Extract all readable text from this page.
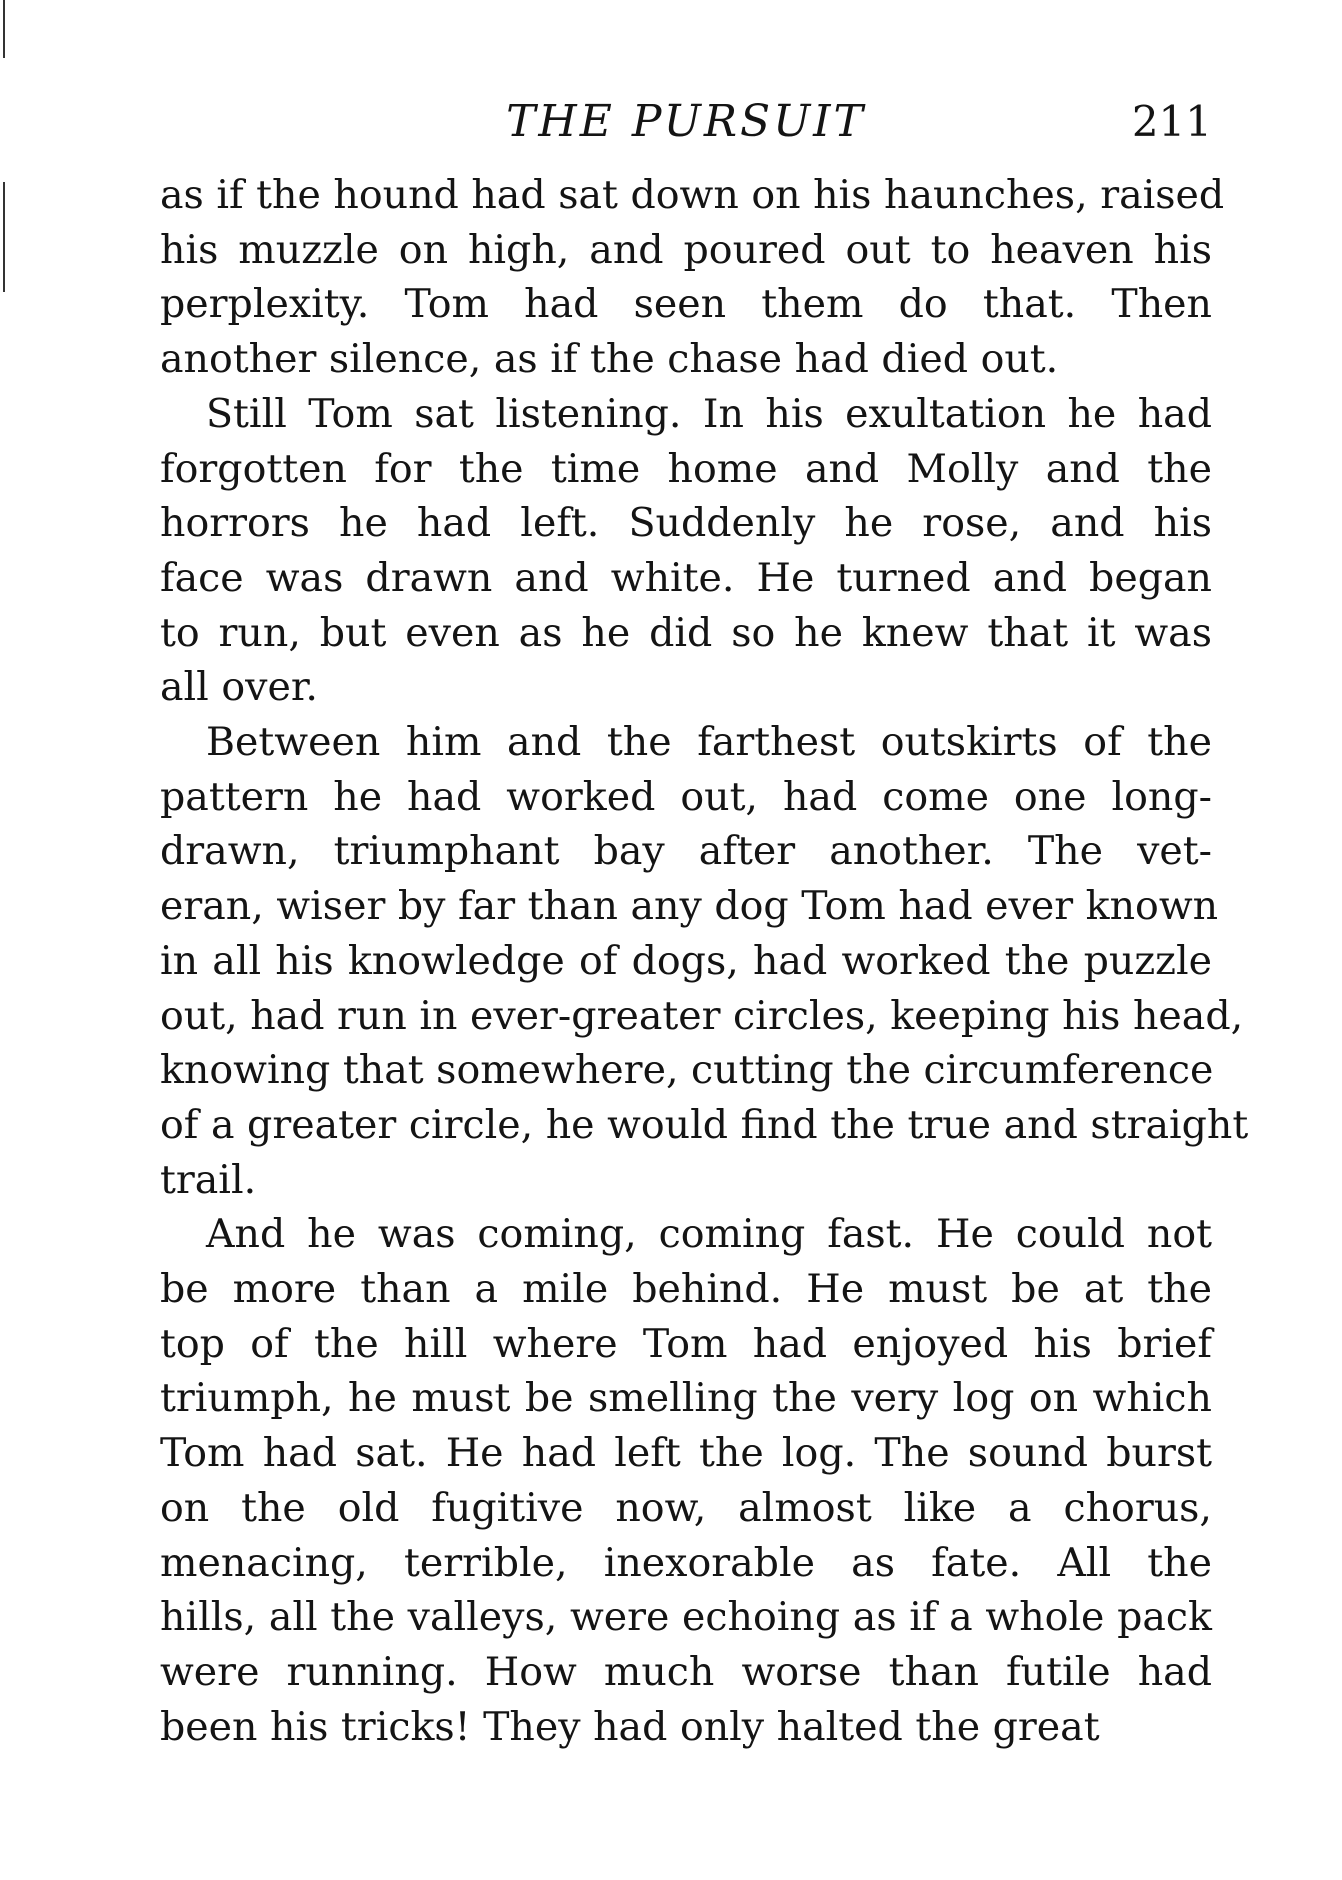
THE PURSUIT	211

as if the hound had sat down on his haunches, raised
his muzzle on high, and poured out to heaven his
perplexity. Tom had seen them do that. Then
another silence, as if the chase had died out.

Still Tom sat listening. In his exultation he had
forgotten for the time home and Molly and the
horrors he had left. Suddenly he rose, and his
face was drawn and white. He turned and began
to run, but even as he did so he knew that it was
all over.

Between him and the farthest outskirts of the
pattern he had worked out, had come one long-
drawn, triumphant bay after another. The vet-
eran, wiser by far than any dog Tom had ever known
in all his knowledge of dogs, had worked the puzzle
out, had run in ever-greater circles, keeping his head,
knowing that somewhere, cutting the circumference
of a greater circle, he would find the true and straight
trail.

And he was coming, coming fast. He could not
be more than a mile behind. He must be at the
top of the hill where Tom had enjoyed his brief
triumph, he must be smelling the very log on which
Tom had sat. He had left the log. The sound burst
on the old fugitive now, almost like a chorus,
menacing, terrible, inexorable as fate. All the
hills, all the valleys, were echoing as if a whole pack
were running. How much worse than futile had
been his tricks! They had only halted the great
